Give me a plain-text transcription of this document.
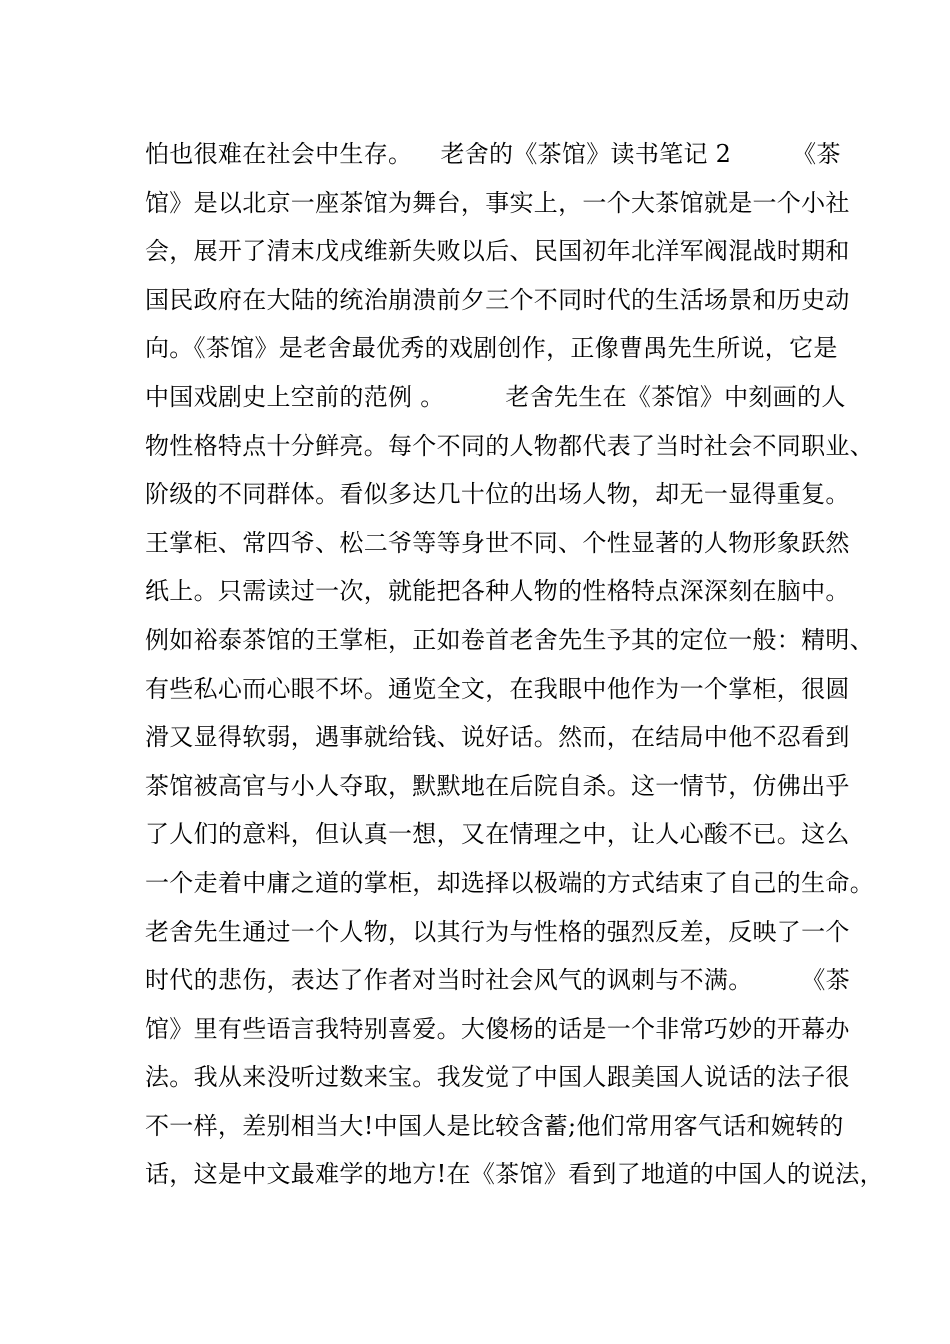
怕也很难在社会中生存。　  老舍的《茶馆》读书笔记 2　　　《茶
馆》是以北京一座茶馆为舞台，事实上，一个大茶馆就是一个小社
会，展开了清末戊戌维新失败以后、民国初年北洋军阀混战时期和
国民政府在大陆的统治崩溃前夕三个不同时代的生活场景和历史动
向。《茶馆》是老舍最优秀的戏剧创作，正像曹禺先生所说，它是
中国戏剧史上空前的范例 。　　　老舍先生在《茶馆》中刻画的人
物性格特点十分鲜亮。每个不同的人物都代表了当时社会不同职业、
阶级的不同群体。看似多达几十位的出场人物，却无一显得重复。
王掌柜、常四爷、松二爷等等身世不同、个性显著的人物形象跃然
纸上。只需读过一次，就能把各种人物的性格特点深深刻在脑中。
例如裕泰茶馆的王掌柜，正如卷首老舍先生予其的定位一般：精明、
有些私心而心眼不坏。通览全文，在我眼中他作为一个掌柜，很圆
滑又显得软弱，遇事就给钱、说好话。然而，在结局中他不忍看到
茶馆被高官与小人夺取，默默地在后院自杀。这一情节，仿佛出乎
了人们的意料，但认真一想，又在情理之中，让人心酸不已。这么
一个走着中庸之道的掌柜，却选择以极端的方式结束了自己的生命。
老舍先生通过一个人物，以其行为与性格的强烈反差，反映了一个
时代的悲伤，表达了作者对当时社会风气的讽刺与不满。　　　《茶
馆》里有些语言我特别喜爱。大傻杨的话是一个非常巧妙的开幕办
法。我从来没听过数来宝。我发觉了中国人跟美国人说话的法子很
不一样，差别相当大!中国人是比较含蓄;他们常用客气话和婉转的
话，这是中文最难学的地方!在《茶馆》看到了地道的中国人的说法，
